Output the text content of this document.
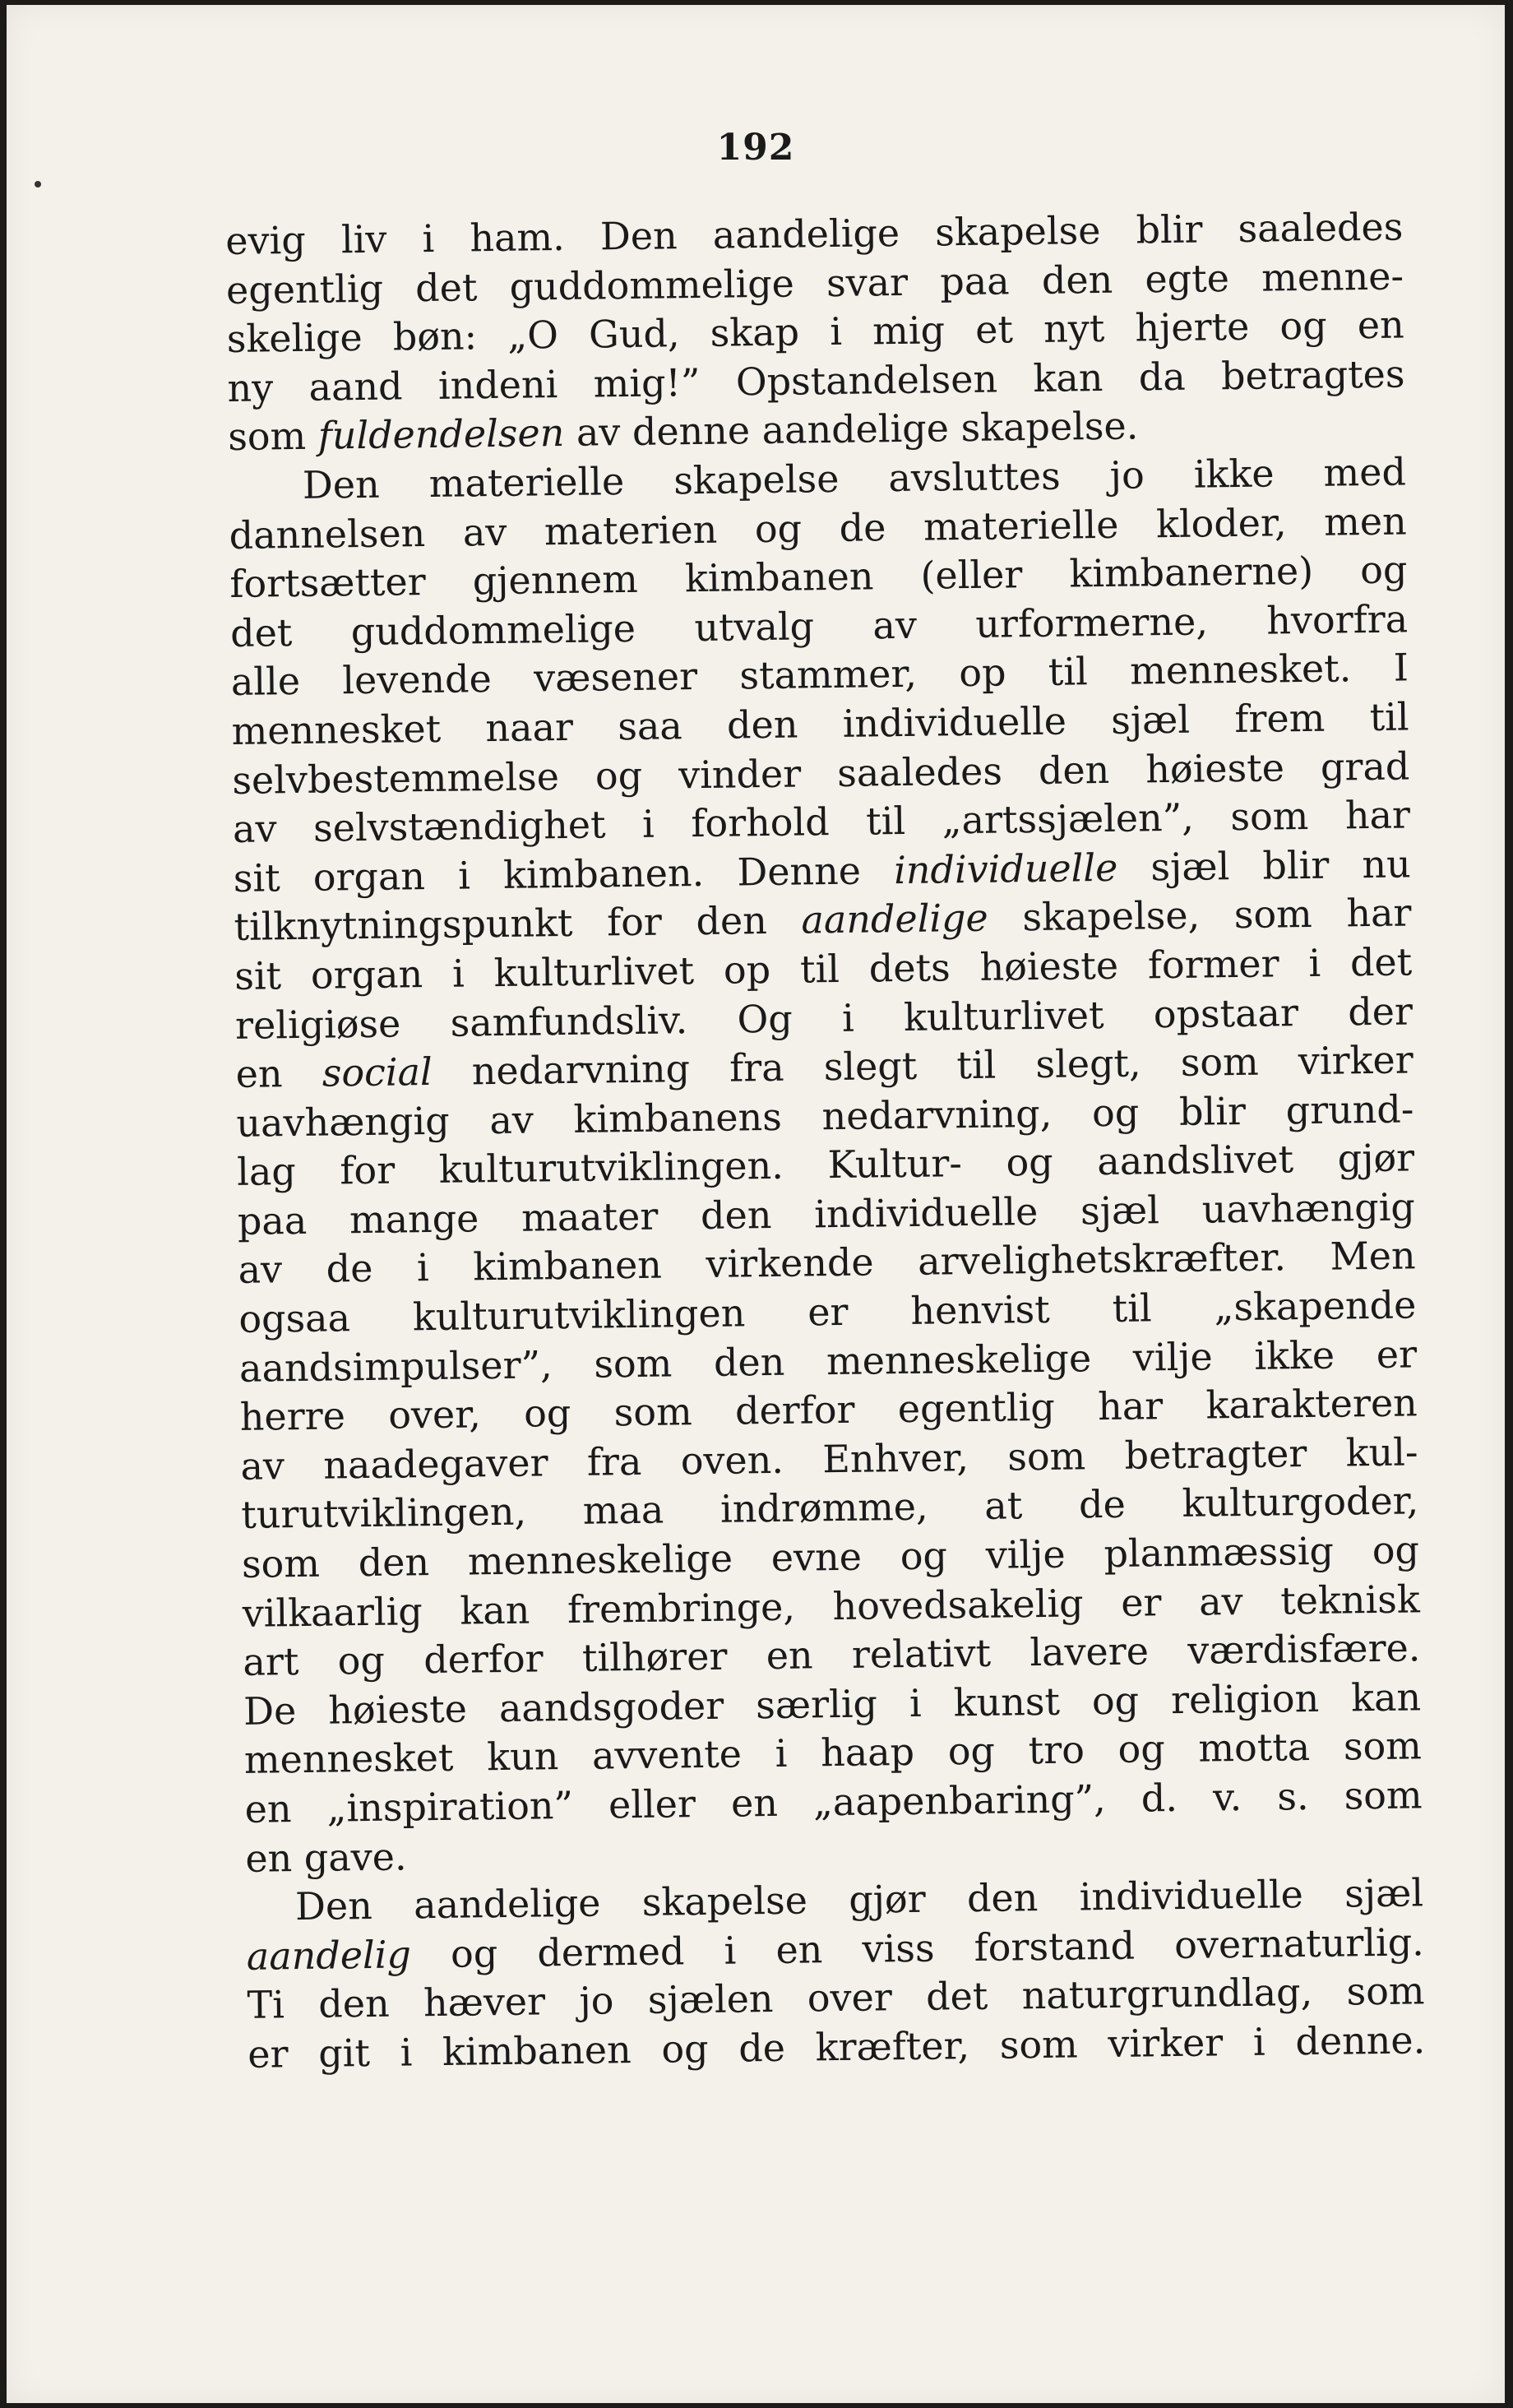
192
evig liv i ham. Den aandelige skapelse blir saaledes
egentlig det guddommelige svar paa den egte menne-
skelige bøn: „O Gud, skap i mig et nyt hjerte og en
ny aand indeni mig!” Opstandelsen kan da betragtes
som fuldendelsen av denne aandelige skapelse.
Den materielle skapelse avsluttes jo ikke med
dannelsen av materien og de materielle kloder, men
fortsætter gjennem kimbanen (eller kimbanerne) og
det guddommelige utvalg av urformerne, hvorfra
alle levende væsener stammer, op til mennesket. I
mennesket naar saa den individuelle sjæl frem til
selvbestemmelse og vinder saaledes den høieste grad
av selvstændighet i forhold til „artssjælen”, som har
sit organ i kimbanen. Denne individuelle sjæl blir nu
tilknytningspunkt for den aandelige skapelse, som har
sit organ i kulturlivet op til dets høieste former i det
religiøse samfundsliv. Og i kulturlivet opstaar der
en social nedarvning fra slegt til slegt, som virker
uavhængig av kimbanens nedarvning, og blir grund-
lag for kulturutviklingen. Kultur- og aandslivet gjør
paa mange maater den individuelle sjæl uavhængig
av de i kimbanen virkende arvelighetskræfter. Men
ogsaa kulturutviklingen er henvist til „skapende
aandsimpulser”, som den menneskelige vilje ikke er
herre over, og som derfor egentlig har karakteren
av naadegaver fra oven. Enhver, som betragter kul-
turutviklingen, maa indrømme, at de kulturgoder,
som den menneskelige evne og vilje planmæssig og
vilkaarlig kan frembringe, hovedsakelig er av teknisk
art og derfor tilhører en relativt lavere værdisfære.
De høieste aandsgoder særlig i kunst og religion kan
mennesket kun avvente i haap og tro og motta som
en „inspiration” eller en „aapenbaring”, d. v. s. som
en gave.
Den aandelige skapelse gjør den individuelle sjæl
aandelig og dermed i en viss forstand overnaturlig.
Ti den hæver jo sjælen over det naturgrundlag, som
er git i kimbanen og de kræfter, som virker i denne.
